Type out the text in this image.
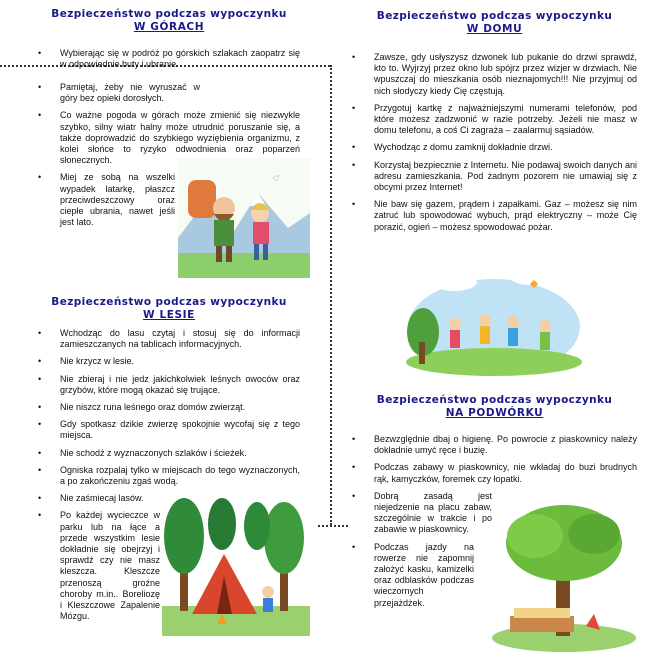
Bezpieczeństwo podczas wypoczynku
W GÓRACH
• Wybierając się w podróż po górskich szlakach zaopatrz się w odpowiednie buty i ubranie.
• Pamiętaj, żeby nie wyruszać w góry bez opieki dorosłych.
• Co ważne pogoda w górach może zmienić się niezwykle szybko, silny wiatr halny może utrudnić poruszanie się, a także doprowadzić do szybkiego wyziębienia organizmu, z kolei słońce to ryzyko odwodnienia oraz poparzeń słonecznych.
• Miej ze sobą na wszelki wypadek latarkę, płaszcz przeciwdeszczowy oraz ciepłe ubrania, nawet jeśli jest lato.
Bezpieczeństwo podczas wypoczynku
W LESIE
• Wchodząc do lasu czytaj i stosuj się do informacji zamieszczanych na tablicach informacyjnych.
• Nie krzycz w lesie.
• Nie zbieraj i nie jedz jakichkolwiek leśnych owoców oraz grzybów, które mogą okazać się trujące.
• Nie niszcz runa leśnego oraz domów zwierząt.
• Gdy spotkasz dzikie zwierzę spokojnie wycofaj się z tego miejsca.
• Nie schodź z wyznaczonych szlaków i ścieżek.
• Ogniska rozpalaj tylko w miejscach do tego wyznaczonych, a po zakończeniu zgaś wodą.
• Nie zaśmiecaj lasów.
• Po każdej wycieczce w parku lub na łące a przede wszystkim lesie dokładnie się obejrzyj i sprawdź czy nie masz kleszcza. Kleszcze przenoszą groźne choroby m.in.. Boreliozę i Kleszczowe Zapalenie Mózgu.
Bezpieczeństwo podczas wypoczynku
W DOMU
• Zawsze, gdy usłyszysz dzwonek lub pukanie do drzwi sprawdź, kto to. Wyjrzyj przez okno lub spójrz przez wizjer w drzwiach. Nie wpuszczaj do mieszkania osób nieznajomych!!! Nie przyjmuj od nich słodyczy kiedy Cię częstują.
• Przygotuj kartkę z najważniejszymi numerami telefonów, pod które możesz zadzwonić w razie potrzeby. Jeżeli nie masz w domu telefonu, a coś Ci zagraża – zaalarmuj sąsiadów.
• Wychodząc z domu zamknij dokładnie drzwi.
• Korzystaj bezpiecznie z Internetu. Nie podawaj swoich danych ani adresu zamieszkania. Pod żadnym pozorem nie umawiaj się z obcymi przez Internet!
• Nie baw się gazem, prądem i zapałkami. Gaz – możesz się nim zatruć lub spowodować wybuch, prąd elektryczny – może Cię porazić, ogień – możesz spowodować pożar.
Bezpieczeństwo podczas wypoczynku
NA PODWÓRKU
• Bezwzględnie dbaj o higienę. Po powrocie z piaskownicy należy dokładnie umyć ręce i buzię.
• Podczas zabawy w piaskownicy, nie wkładaj do buzi brudnych rąk, kamyczków, foremek czy łopatki.
• Dobrą zasadą jest niejedzenie na placu zabaw, szczególnie w trakcie i po zabawie w piaskownicy.
• Podczas jazdy na rowerze nie zapomnij założyć kasku, kamizelki oraz odblasków podczas wieczornych przejażdżek.
